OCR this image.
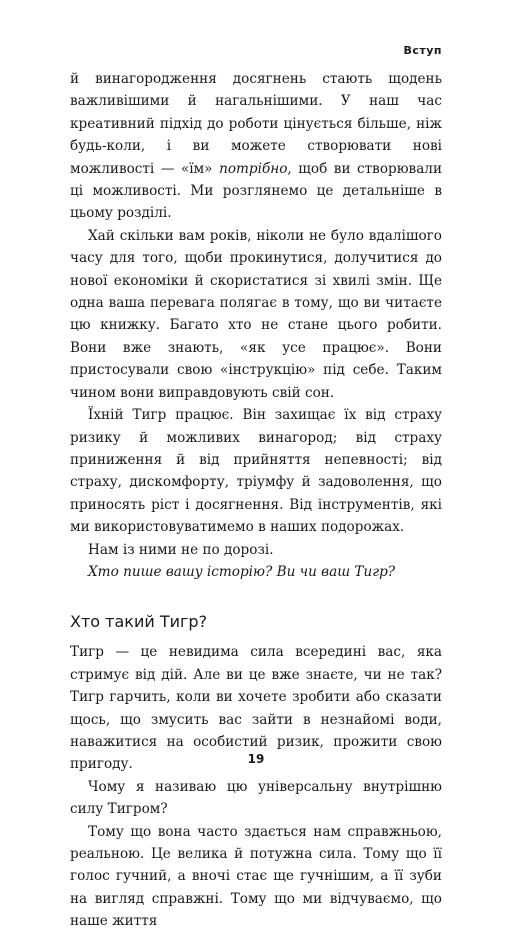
Вступ

й винагородження досягнень стають щодень важливішими й нагальнішими. У наш час креативний підхід до роботи цінується більше, ніж будь-коли, і ви можете створювати нові можливості — «їм» потрібно, щоб ви створювали ці можливості. Ми розглянемо це детальніше в цьому розділі.

Хай скільки вам років, ніколи не було вдалішого часу для того, щоби прокинутися, долучитися до нової економіки й скористатися зі хвилі змін. Ще одна ваша перевага полягає в тому, що ви читаєте цю книжку. Багато хто не стане цього робити. Вони вже знають, «як усе працює». Вони пристосували свою «інструкцію» під себе. Таким чином вони виправдовують свій сон.

Їхній Тигр працює. Він захищає їх від страху ризику й можливих винагород; від страху приниження й від прийняття непевності; від страху, дискомфорту, тріумфу й задоволення, що приносять ріст і досягнення. Від інструментів, які ми використовуватимемо в наших подорожах.

Нам із ними не по дорозі.

Хто пише вашу історію? Ви чи ваш Тигр?

Хто такий Тигр?

Тигр — це невидима сила всередині вас, яка стримує від дій. Але ви це вже знаєте, чи не так? Тигр гарчить, коли ви хочете зробити або сказати щось, що змусить вас зайти в незнайомі води, наважитися на особистий ризик, прожити свою пригоду.

Чому я називаю цю універсальну внутрішню силу Тигром?

Тому що вона часто здається нам справжньою, реальною. Це велика й потужна сила. Тому що її голос гучний, а вночі стає ще гучнішим, а її зуби на вигляд справжні. Тому що ми відчуваємо, що наше життя

19
